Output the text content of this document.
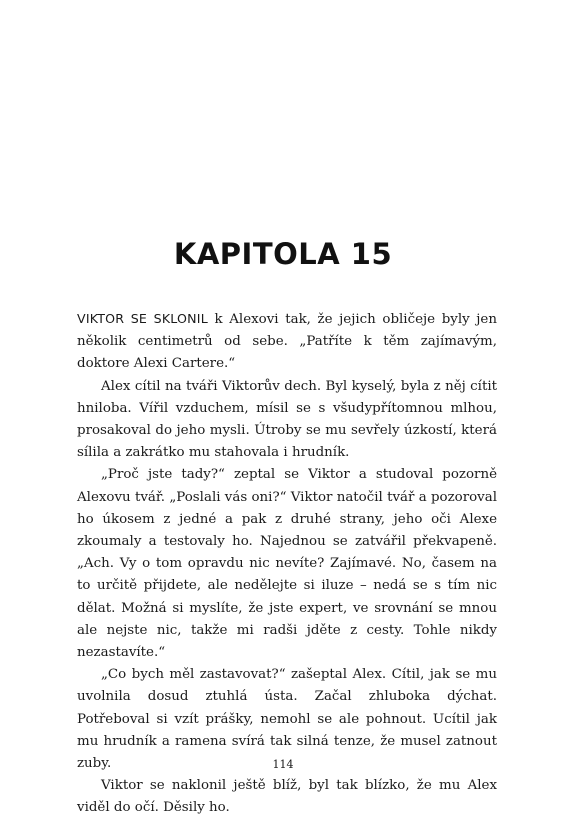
KAPITOLA 15

VIKTOR SE SKLONIL k Alexovi tak, že jejich obličeje byly jen několik centimetrů od sebe. „Patříte k těm zajímavým, doktore Alexi Cartere.“

Alex cítil na tváři Viktorův dech. Byl kyselý, byla z něj cítit hniloba. Vířil vzduchem, mísil se s všudypřítomnou mlhou, prosakoval do jeho mysli. Útroby se mu sevřely úzkostí, která sílila a zakrátko mu stahovala i hrudník.

„Proč jste tady?“ zeptal se Viktor a studoval pozorně Alexovu tvář. „Poslali vás oni?“ Viktor natočil tvář a pozoroval ho úkosem z jedné a pak z druhé strany, jeho oči Alexe zkoumaly a testovaly ho. Najednou se zatvářil překvapeně. „Ach. Vy o tom opravdu nic nevíte? Zajímavé. No, časem na to určitě přijdete, ale nedělejte si iluze – nedá se s tím nic dělat. Možná si myslíte, že jste expert, ve srovnání se mnou ale nejste nic, takže mi radši jděte z cesty. Tohle nikdy nezastavíte.“

„Co bych měl zastavovat?“ zašeptal Alex. Cítil, jak se mu uvolnila dosud ztuhlá ústa. Začal zhluboka dýchat. Potřeboval si vzít prášky, nemohl se ale pohnout. Ucítil jak mu hrudník a ramena svírá tak silná tenze, že musel zatnout zuby.

Viktor se naklonil ještě blíž, byl tak blízko, že mu Alex viděl do očí. Děsily ho.

114
